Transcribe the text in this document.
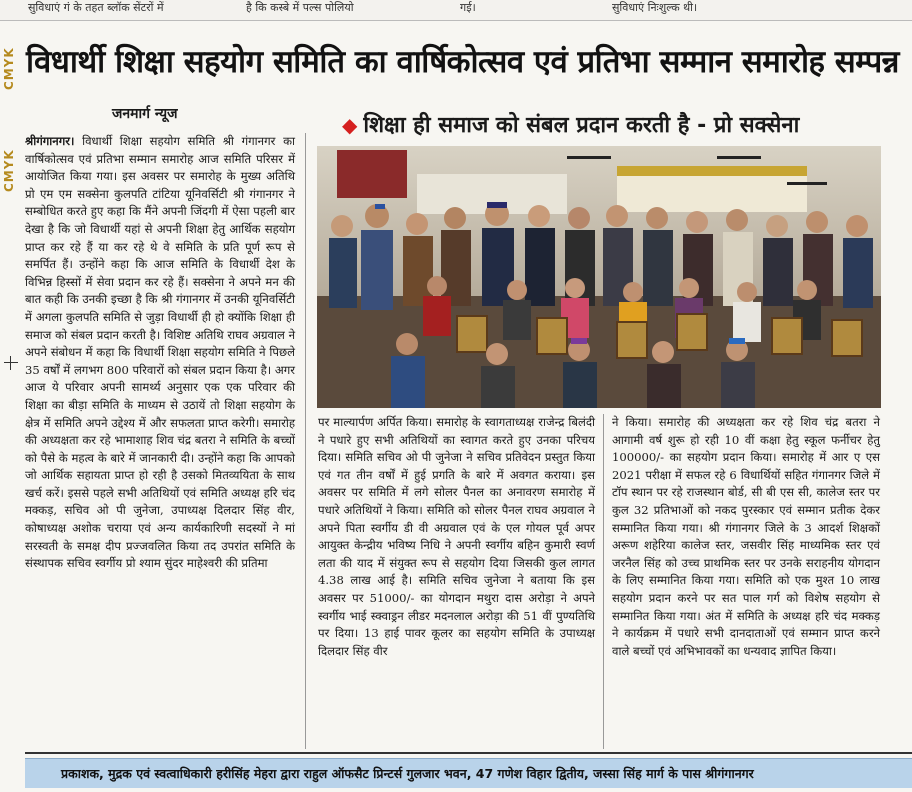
सुविधाएं गं के तहत ब्लॉक सेंटरों में	है कि कस्बे में पल्स पोलियो	गई।	सुविधाएं निःशुल्क थी।
CMYK
CMYK
विधार्थी शिक्षा सहयोग समिति का वार्षिकोत्सव एवं प्रतिभा सम्मान समारोह सम्पन्न
जनमार्ग न्यूज	◆ शिक्षा ही समाज को संबल प्रदान करती है - प्रो सक्सेना

श्रीगंगानगर। विधार्थी शिक्षा सहयोग समिति श्री गंगानगर का वार्षिकोत्सव एवं प्रतिभा सम्मान समारोह आज समिति परिसर में आयोजित किया गया। इस अवसर पर समारोह के मुख्य अतिथि प्रो एम एम सक्सेना कुलपति टांटिया यूनिवर्सिटी श्री गंगानगर ने सम्बोधित करते हुए कहा कि मैंने अपनी जिंदगी में ऐसा पहली बार देखा है कि जो विधार्थी यहां से अपनी शिक्षा हेतु आर्थिक सहयोग प्राप्त कर रहे हैं या कर रहे थे वे समिति के प्रति पूर्ण रूप से समर्पित हैं। उन्होंने कहा कि आज समिति के विधार्थी देश के विभिन्न हिस्सों में सेवा प्रदान कर रहे हैं। सक्सेना ने अपने मन की बात कही कि उनकी इच्छा है कि श्री गंगानगर में उनकी यूनिवर्सिटी में अगला कुलपति समिति से जुड़ा विधार्थी ही हो क्योंकि शिक्षा ही समाज को संबल प्रदान करती है। विशिष्ट अतिथि राघव अग्रवाल ने अपने संबोधन में कहा कि विधार्थी शिक्षा सहयोग समिति ने पिछले 35 वर्षों में लगभग 800 परिवारों को संबल प्रदान किया है। अगर आज ये परिवार अपनी सामर्थ्य अनुसार एक एक परिवार की शिक्षा का बीड़ा समिति के माध्यम से उठायें तो शिक्षा सहयोग के क्षेत्र में समिति अपने उद्देश्य में और सफलता प्राप्त करेगी। समारोह की अध्यक्षता कर रहे भामाशाह शिव चंद्र बतरा ने समिति के बच्चों को पैसे के महत्व के बारे में जानकारी दी। उन्होंने कहा कि आपको जो आर्थिक सहायता प्राप्त हो रही है उसको मितव्ययिता के साथ खर्च करें। इससे पहले सभी अतिथियों एवं समिति अध्यक्ष हरि चंद मक्कड़, सचिव ओ पी जुनेजा, उपाध्यक्ष दिलदार सिंह वीर, कोषाध्यक्ष अशोक चराया एवं अन्य कार्यकारिणी सदस्यों ने मां सरस्वती के समक्ष दीप प्रज्जवलित किया तद उपरांत समिति के संस्थापक सचिव स्वर्गीय प्रो श्याम सुंदर माहेश्वरी की प्रतिमा

पर माल्यार्पण अर्पित किया। समारोह के स्वागताध्यक्ष राजेन्द्र बिलंदी ने पधारे हुए सभी अतिथियों का स्वागत करते हुए उनका परिचय दिया। समिति सचिव ओ पी जुनेजा ने सचिव प्रतिवेदन प्रस्तुत किया एवं गत तीन वर्षों में हुई प्रगति के बारे में अवगत कराया। इस अवसर पर समिति में लगे सोलर पैनल का अनावरण समारोह में पधारे अतिथियों ने किया। समिति को सोलर पैनल राघव अग्रवाल ने अपने पिता स्वर्गीय डी वी अग्रवाल एवं के एल गोयल पूर्व अपर आयुक्त केन्द्रीय भविष्य निधि ने अपनी स्वर्गीय बहिन कुमारी स्वर्ण लता की याद में संयुक्त रूप से सहयोग दिया जिसकी कुल लागत 4.38 लाख आई है। समिति सचिव जुनेजा ने बताया कि इस अवसर पर 51000/- का योगदान मथुरा दास अरोड़ा ने अपने स्वर्गीय भाई स्क्वाड्रन लीडर मदनलाल अरोड़ा की 51 वीं पुण्यतिथि पर दिया। 13 हाई पावर कूलर का सहयोग समिति के उपाध्यक्ष दिलदार सिंह वीर

ने किया। समारोह की अध्यक्षता कर रहे शिव चंद्र बतरा ने आगामी वर्ष शुरू हो रही 10 वीं कक्षा हेतु स्कूल फर्नीचर हेतु 100000/- का सहयोग प्रदान किया। समारोह में आर ए एस 2021 परीक्षा में सफल रहे 6 विधार्थियों सहित गंगानगर जिले में टॉप स्थान पर रहे राजस्थान बोर्ड, सी बी एस सी, कालेज स्तर पर कुल 32 प्रतिभाओं को नकद पुरस्कार एवं सम्मान प्रतीक देकर सम्मानित किया गया। श्री गंगानगर जिले के 3 आदर्श शिक्षकों अरूण शहेरिया कालेज स्तर, जसवीर सिंह माध्यमिक स्तर एवं जरनैल सिंह को उच्च प्राथमिक स्तर पर उनके सराहनीय योगदान के लिए सम्मानित किया गया। समिति को एक मुश्त 10 लाख सहयोग प्रदान करने पर सत पाल गर्ग को विशेष सहयोग से सम्मानित किया गया। अंत में समिति के अध्यक्ष हरि चंद मक्कड़ ने कार्यक्रम में पधारे सभी दानदाताओं एवं सम्मान प्राप्त करने वाले बच्चों एवं अभिभावकों का धन्यवाद ज्ञापित किया।

प्रकाशक, मुद्रक एवं स्वत्वाधिकारी हरीसिंह मेहरा द्वारा राहुल ऑफसैट प्रिन्टर्स गुलजार भवन, 47 गणेश विहार द्वितीय, जस्सा सिंह मार्ग के पास श्रीगंगानगर
